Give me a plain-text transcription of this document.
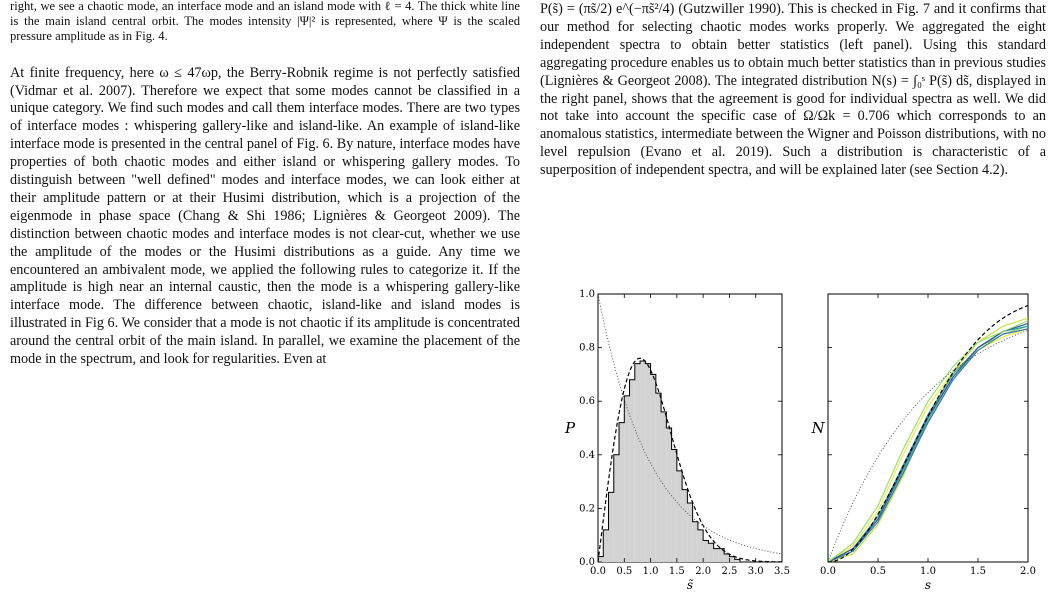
right, we see a chaotic mode, an interface mode and an island mode with ℓ = 4. The thick white line is the main island central orbit. The modes intensity |Ψ|² is represented, where Ψ is the scaled pressure amplitude as in Fig. 4.

At finite frequency, here ω ≤ 47ωp, the Berry-Robnik regime is not perfectly satisfied (Vidmar et al. 2007). Therefore we expect that some modes cannot be classified in a unique category. We find such modes and call them interface modes. There are two types of interface modes : whispering gallery-like and island-like. An example of island-like interface mode is presented in the central panel of Fig. 6. By nature, interface modes have properties of both chaotic modes and either island or whispering gallery modes. To distinguish between "well defined" modes and interface modes, we can look either at their amplitude pattern or at their Husimi distribution, which is a projection of the eigenmode in phase space (Chang & Shi 1986; Lignières & Georgeot 2009). The distinction between chaotic modes and interface modes is not clear-cut, whether we use the amplitude of the modes or the Husimi distributions as a guide. Any time we encountered an ambivalent mode, we applied the following rules to categorize it. If the amplitude is high near an internal caustic, then the mode is a whispering gallery-like interface mode. The difference between chaotic, island-like and island modes is illustrated in Fig 6. We consider that a mode is not chaotic if its amplitude is concentrated around the central orbit of the main island. In parallel, we examine the placement of the mode in the spectrum, and look for regularities. Even at

P(s̃) = (πs̃/2) e^(−πs̃²/4) (Gutzwiller 1990). This is checked in Fig. 7 and it confirms that our method for selecting chaotic modes works properly. We aggregated the eight independent spectra to obtain better statistics (left panel). Using this standard aggregating procedure enables us to obtain much better statistics than in previous studies (Lignières & Georgeot 2008). The integrated distribution N(s) = ∫₀ˢ P(s̃) ds̃, displayed in the right panel, shows that the agreement is good for individual spectra as well. We did not take into account the specific case of Ω/Ωk = 0.706 which corresponds to an anomalous statistics, intermediate between the Wigner and Poisson distributions, with no level repulsion (Evano et al. 2019). Such a distribution is characteristic of a superposition of independent spectra, and will be explained later (see Section 4.2).

0.0 0.5 1.0 1.5 2.0 2.5 3.0 3.5
0.0
0.2
0.4
0.6
0.8
1.0
P
s̃
0.0	0.5	1.0	1.5	2.0
N
s
